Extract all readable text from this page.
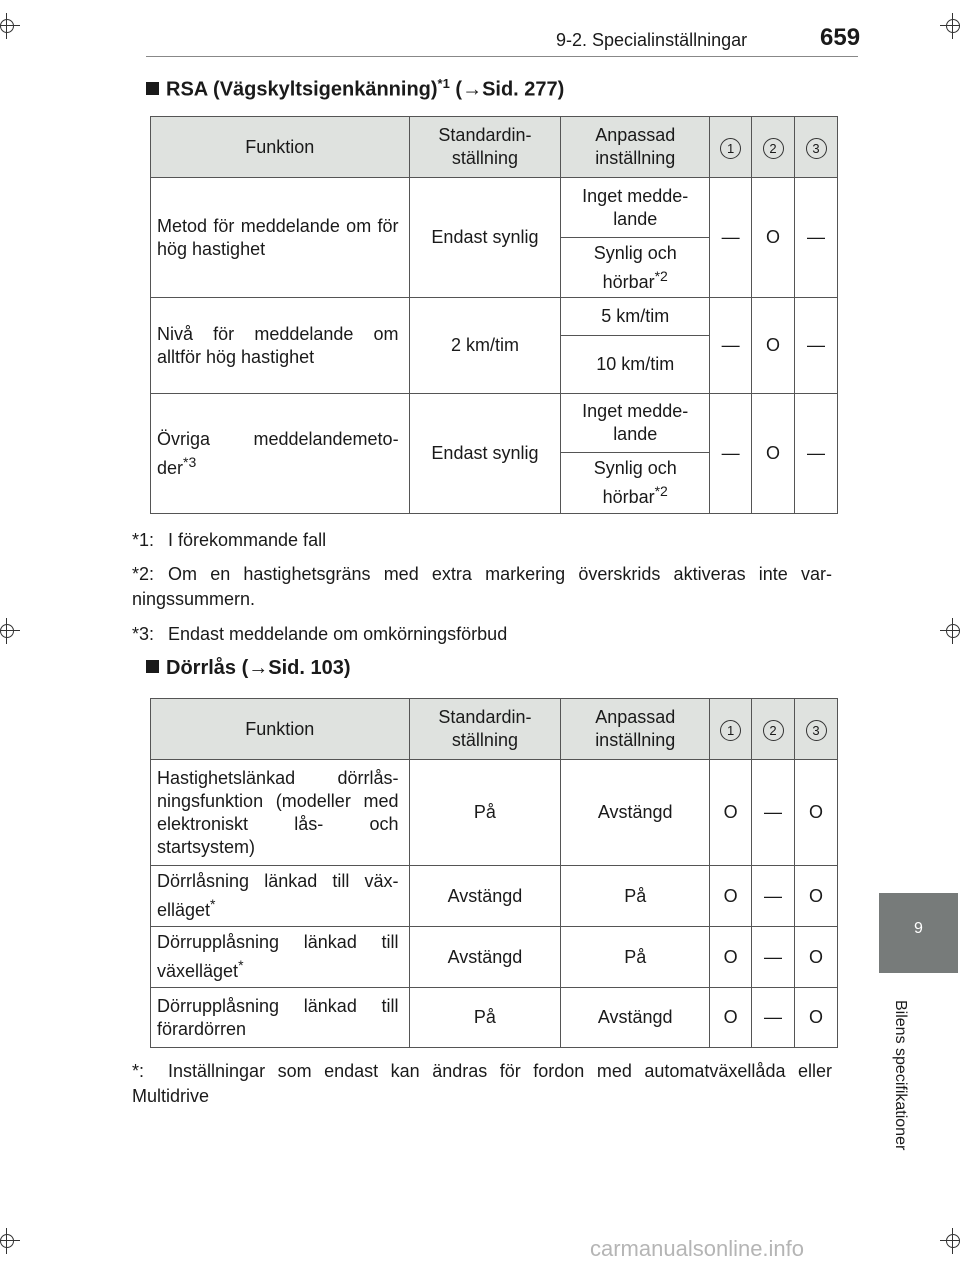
9-2. Specialinställningar	659
9
Bilens specifikationer
RSA (Vägskyltsigenkänning)$^{*1}$ (→Sid. 277)
Funktion	Standardin-ställning	Anpassad inställning	1	2	3
Metod för meddelande om för hög hastighet	Endast synlig	Inget medde-lande	—	O	—
		Synlig och hörbar$^{*2}$
Nivå för meddelande om alltför hög hastighet	2 km/tim	5 km/tim	—	O	—
		10 km/tim			
Övriga meddelandemeto-der$^{*3}$	Endast synlig	Inget medde-lande	—	O	—
		Synlig och hörbar$^{*2}$
*1: I förekommande fall
*2: Om en hastighetsgräns med extra markering överskrids aktiveras inte var-ningssummern.
*3: Endast meddelande om omkörningsförbud
Dörrlås (→Sid. 103)
Funktion	Standardin-ställning	Anpassad inställning	1	2	3
Hastighetslänkad dörrlås-ningsfunktion (modeller med elektroniskt lås- och startsystem)	På	Avstängd	O	—	O
Dörrlåsning länkad till väx-elläget*	Avstängd	På	O	—	O
Dörrupplåsning länkad till växelläget*	Avstängd	På	O	—	O
Dörrupplåsning länkad till förardörren	På	Avstängd	O	—	O
*: Inställningar som endast kan ändras för fordon med automatväxellåda eller Multidrive
carmanualsonline.info
